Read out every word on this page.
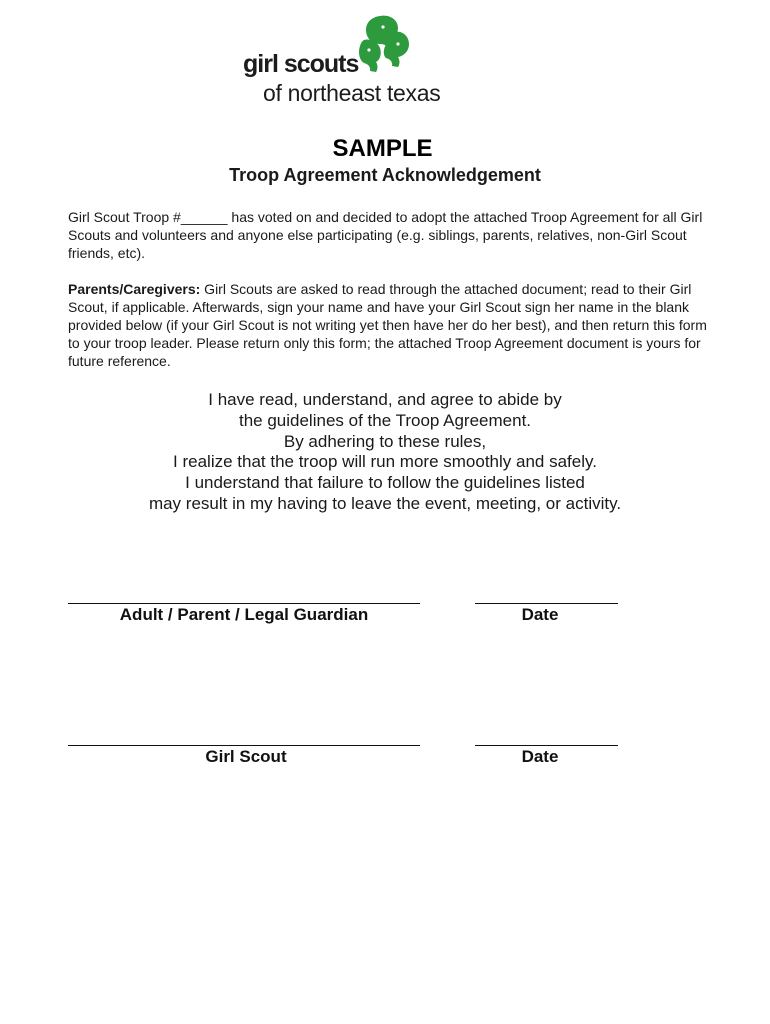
girl scouts
of northeast texas
SAMPLE
Troop Agreement Acknowledgement
Girl Scout Troop #______ has voted on and decided to adopt the attached Troop Agreement for all Girl Scouts and volunteers and anyone else participating (e.g. siblings, parents, relatives, non-Girl Scout friends, etc).
Parents/Caregivers: Girl Scouts are asked to read through the attached document; read to their Girl Scout, if applicable. Afterwards, sign your name and have your Girl Scout sign her name in the blank provided below (if your Girl Scout is not writing yet then have her do her best), and then return this form to your troop leader. Please return only this form; the attached Troop Agreement document is yours for future reference.
I have read, understand, and agree to abide by
the guidelines of the Troop Agreement.
By adhering to these rules,
I realize that the troop will run more smoothly and safely.
I understand that failure to follow the guidelines listed
may result in my having to leave the event, meeting, or activity.
Adult / Parent / Legal Guardian	Date
Girl Scout	Date
